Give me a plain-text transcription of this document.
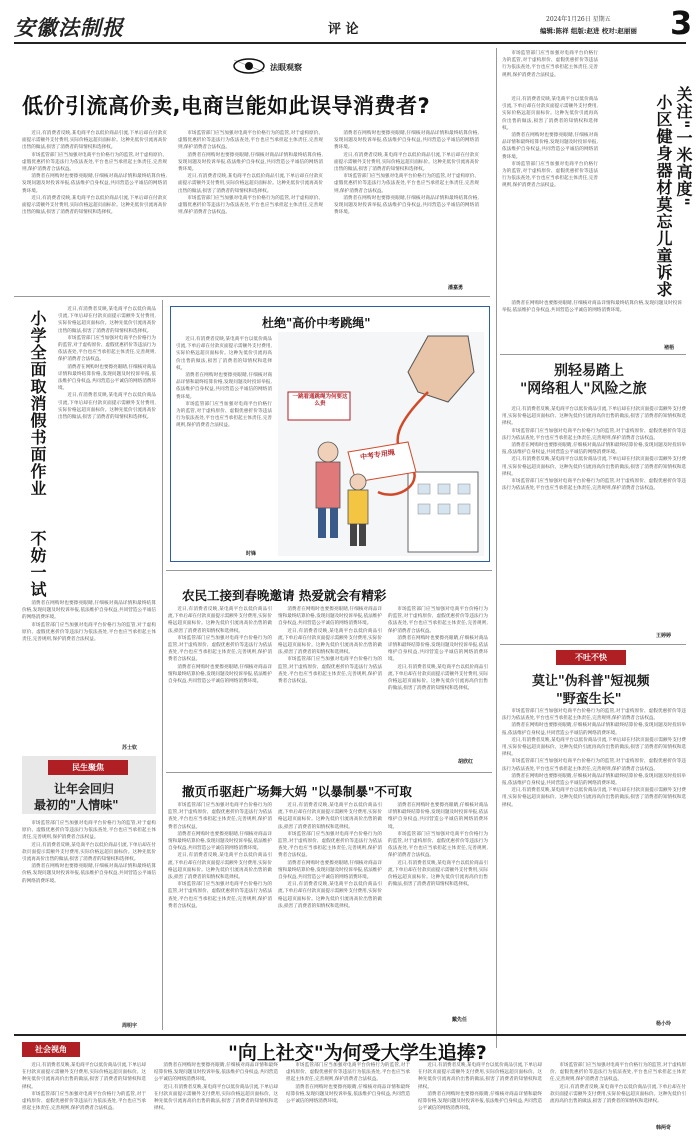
安徽法制报	评 论
2024年1月26日 星期五
编辑:陈祥 组版:赵进 校对:赵丽丽	3
法眼观察
低价引流高价卖,电商岂能如此误导消费者?

近日,有消费者反映,某电商平台以低价商品引流,下单后却在付款页面提示需额外支付费用,实际价格远超页面标价。这种先低价引流再高价出售的做法,损害了消费者的知情权和选择权。

市场监管部门应当加强对电商平台价格行为的监管,对于虚构原价、虚假优惠折价等违法行为依法查处,平台也应当承担起主体责任,完善规则,保护消费者合法权益。

消费者在网购时也要擦亮眼睛,仔细核对商品详情和最终结算价格,发现问题及时投诉举报,依法维护自身权益,共同营造公平诚信的网络消费环境。

近日,有消费者反映,某电商平台以低价商品引流,下单后却在付款页面提示需额外支付费用,实际价格远超页面标价。这种先低价引流再高价出售的做法,损害了消费者的知情权和选择权。

市场监管部门应当加强对电商平台价格行为的监管,对于虚构原价、虚假优惠折价等违法行为依法查处,平台也应当承担起主体责任,完善规则,保护消费者合法权益。

消费者在网购时也要擦亮眼睛,仔细核对商品详情和最终结算价格,发现问题及时投诉举报,依法维护自身权益,共同营造公平诚信的网络消费环境。

近日,有消费者反映,某电商平台以低价商品引流,下单后却在付款页面提示需额外支付费用,实际价格远超页面标价。这种先低价引流再高价出售的做法,损害了消费者的知情权和选择权。

市场监管部门应当加强对电商平台价格行为的监管,对于虚构原价、虚假优惠折价等违法行为依法查处,平台也应当承担起主体责任,完善规则,保护消费者合法权益。

消费者在网购时也要擦亮眼睛,仔细核对商品详情和最终结算价格,发现问题及时投诉举报,依法维护自身权益,共同营造公平诚信的网络消费环境。

近日,有消费者反映,某电商平台以低价商品引流,下单后却在付款页面提示需额外支付费用,实际价格远超页面标价。这种先低价引流再高价出售的做法,损害了消费者的知情权和选择权。

市场监管部门应当加强对电商平台价格行为的监管,对于虚构原价、虚假优惠折价等违法行为依法查处,平台也应当承担起主体责任,完善规则,保护消费者合法权益。

消费者在网购时也要擦亮眼睛,仔细核对商品详情和最终结算价格,发现问题及时投诉举报,依法维护自身权益,共同营造公平诚信的网络消费环境。

潘嘉勇

市场监管部门应当加强对电商平台价格行为的监管,对于虚构原价、虚假优惠折价等违法行为依法查处,平台也应当承担起主体责任,完善规则,保护消费者合法权益。

关注"一米高度"
小区健身器材莫忘儿童诉求

近日,有消费者反映,某电商平台以低价商品引流,下单后却在付款页面提示需额外支付费用,实际价格远超页面标价。这种先低价引流再高价出售的做法,损害了消费者的知情权和选择权。

消费者在网购时也要擦亮眼睛,仔细核对商品详情和最终结算价格,发现问题及时投诉举报,依法维护自身权益,共同营造公平诚信的网络消费环境。

市场监管部门应当加强对电商平台价格行为的监管,对于虚构原价、虚假优惠折价等违法行为依法查处,平台也应当承担起主体责任,完善规则,保护消费者合法权益。

消费者在网购时也要擦亮眼睛,仔细核对商品详情和最终结算价格,发现问题及时投诉举报,依法维护自身权益,共同营造公平诚信的网络消费环境。

褚梧
别轻易踏上
"网络租人"风险之旅

近日,有消费者反映,某电商平台以低价商品引流,下单后却在付款页面提示需额外支付费用,实际价格远超页面标价。这种先低价引流再高价出售的做法,损害了消费者的知情权和选择权。

市场监管部门应当加强对电商平台价格行为的监管,对于虚构原价、虚假优惠折价等违法行为依法查处,平台也应当承担起主体责任,完善规则,保护消费者合法权益。

消费者在网购时也要擦亮眼睛,仔细核对商品详情和最终结算价格,发现问题及时投诉举报,依法维护自身权益,共同营造公平诚信的网络消费环境。

近日,有消费者反映,某电商平台以低价商品引流,下单后却在付款页面提示需额外支付费用,实际价格远超页面标价。这种先低价引流再高价出售的做法,损害了消费者的知情权和选择权。

市场监管部门应当加强对电商平台价格行为的监管,对于虚构原价、虚假优惠折价等违法行为依法查处,平台也应当承担起主体责任,完善规则,保护消费者合法权益。

王婷婷
不吐不快
莫让"伪科普"短视频
"野蛮生长"

市场监管部门应当加强对电商平台价格行为的监管,对于虚构原价、虚假优惠折价等违法行为依法查处,平台也应当承担起主体责任,完善规则,保护消费者合法权益。

消费者在网购时也要擦亮眼睛,仔细核对商品详情和最终结算价格,发现问题及时投诉举报,依法维护自身权益,共同营造公平诚信的网络消费环境。

近日,有消费者反映,某电商平台以低价商品引流,下单后却在付款页面提示需额外支付费用,实际价格远超页面标价。这种先低价引流再高价出售的做法,损害了消费者的知情权和选择权。

市场监管部门应当加强对电商平台价格行为的监管,对于虚构原价、虚假优惠折价等违法行为依法查处,平台也应当承担起主体责任,完善规则,保护消费者合法权益。

消费者在网购时也要擦亮眼睛,仔细核对商品详情和最终结算价格,发现问题及时投诉举报,依法维护自身权益,共同营造公平诚信的网络消费环境。

近日,有消费者反映,某电商平台以低价商品引流,下单后却在付款页面提示需额外支付费用,实际价格远超页面标价。这种先低价引流再高价出售的做法,损害了消费者的知情权和选择权。

杨小玲
小学全面取消假书面作业
不妨一试

近日,有消费者反映,某电商平台以低价商品引流,下单后却在付款页面提示需额外支付费用,实际价格远超页面标价。这种先低价引流再高价出售的做法,损害了消费者的知情权和选择权。

市场监管部门应当加强对电商平台价格行为的监管,对于虚构原价、虚假优惠折价等违法行为依法查处,平台也应当承担起主体责任,完善规则,保护消费者合法权益。

消费者在网购时也要擦亮眼睛,仔细核对商品详情和最终结算价格,发现问题及时投诉举报,依法维护自身权益,共同营造公平诚信的网络消费环境。

近日,有消费者反映,某电商平台以低价商品引流,下单后却在付款页面提示需额外支付费用,实际价格远超页面标价。这种先低价引流再高价出售的做法,损害了消费者的知情权和选择权。

消费者在网购时也要擦亮眼睛,仔细核对商品详情和最终结算价格,发现问题及时投诉举报,依法维护自身权益,共同营造公平诚信的网络消费环境。

市场监管部门应当加强对电商平台价格行为的监管,对于虚构原价、虚假优惠折价等违法行为依法查处,平台也应当承担起主体责任,完善规则,保护消费者合法权益。

苏士钦
民生聚焦
让年会回归
最初的"人情味"

市场监管部门应当加强对电商平台价格行为的监管,对于虚构原价、虚假优惠折价等违法行为依法查处,平台也应当承担起主体责任,完善规则,保护消费者合法权益。

近日,有消费者反映,某电商平台以低价商品引流,下单后却在付款页面提示需额外支付费用,实际价格远超页面标价。这种先低价引流再高价出售的做法,损害了消费者的知情权和选择权。

消费者在网购时也要擦亮眼睛,仔细核对商品详情和最终结算价格,发现问题及时投诉举报,依法维护自身权益,共同营造公平诚信的网络消费环境。

周明宇
杜绝"高价中考跳绳"

近日,有消费者反映,某电商平台以低价商品引流,下单后却在付款页面提示需额外支付费用,实际价格远超页面标价。这种先低价引流再高价出售的做法,损害了消费者的知情权和选择权。

消费者在网购时也要擦亮眼睛,仔细核对商品详情和最终结算价格,发现问题及时投诉举报,依法维护自身权益,共同营造公平诚信的网络消费环境。

市场监管部门应当加强对电商平台价格行为的监管,对于虚构原价、虚假优惠折价等违法行为依法查处,平台也应当承担起主体责任,完善规则,保护消费者合法权益。

时锋
一跳看通跳绳为何要这么贵
中考专用绳
农民工接到春晚邀请 热爱就会有精彩

近日,有消费者反映,某电商平台以低价商品引流,下单后却在付款页面提示需额外支付费用,实际价格远超页面标价。这种先低价引流再高价出售的做法,损害了消费者的知情权和选择权。

市场监管部门应当加强对电商平台价格行为的监管,对于虚构原价、虚假优惠折价等违法行为依法查处,平台也应当承担起主体责任,完善规则,保护消费者合法权益。

消费者在网购时也要擦亮眼睛,仔细核对商品详情和最终结算价格,发现问题及时投诉举报,依法维护自身权益,共同营造公平诚信的网络消费环境。

消费者在网购时也要擦亮眼睛,仔细核对商品详情和最终结算价格,发现问题及时投诉举报,依法维护自身权益,共同营造公平诚信的网络消费环境。

近日,有消费者反映,某电商平台以低价商品引流,下单后却在付款页面提示需额外支付费用,实际价格远超页面标价。这种先低价引流再高价出售的做法,损害了消费者的知情权和选择权。

市场监管部门应当加强对电商平台价格行为的监管,对于虚构原价、虚假优惠折价等违法行为依法查处,平台也应当承担起主体责任,完善规则,保护消费者合法权益。

市场监管部门应当加强对电商平台价格行为的监管,对于虚构原价、虚假优惠折价等违法行为依法查处,平台也应当承担起主体责任,完善规则,保护消费者合法权益。

消费者在网购时也要擦亮眼睛,仔细核对商品详情和最终结算价格,发现问题及时投诉举报,依法维护自身权益,共同营造公平诚信的网络消费环境。

近日,有消费者反映,某电商平台以低价商品引流,下单后却在付款页面提示需额外支付费用,实际价格远超页面标价。这种先低价引流再高价出售的做法,损害了消费者的知情权和选择权。

胡欣红
撤页币驱赶广场舞大妈 "以暴制暴"不可取

市场监管部门应当加强对电商平台价格行为的监管,对于虚构原价、虚假优惠折价等违法行为依法查处,平台也应当承担起主体责任,完善规则,保护消费者合法权益。

消费者在网购时也要擦亮眼睛,仔细核对商品详情和最终结算价格,发现问题及时投诉举报,依法维护自身权益,共同营造公平诚信的网络消费环境。

近日,有消费者反映,某电商平台以低价商品引流,下单后却在付款页面提示需额外支付费用,实际价格远超页面标价。这种先低价引流再高价出售的做法,损害了消费者的知情权和选择权。

市场监管部门应当加强对电商平台价格行为的监管,对于虚构原价、虚假优惠折价等违法行为依法查处,平台也应当承担起主体责任,完善规则,保护消费者合法权益。

近日,有消费者反映,某电商平台以低价商品引流,下单后却在付款页面提示需额外支付费用,实际价格远超页面标价。这种先低价引流再高价出售的做法,损害了消费者的知情权和选择权。

市场监管部门应当加强对电商平台价格行为的监管,对于虚构原价、虚假优惠折价等违法行为依法查处,平台也应当承担起主体责任,完善规则,保护消费者合法权益。

消费者在网购时也要擦亮眼睛,仔细核对商品详情和最终结算价格,发现问题及时投诉举报,依法维护自身权益,共同营造公平诚信的网络消费环境。

近日,有消费者反映,某电商平台以低价商品引流,下单后却在付款页面提示需额外支付费用,实际价格远超页面标价。这种先低价引流再高价出售的做法,损害了消费者的知情权和选择权。

消费者在网购时也要擦亮眼睛,仔细核对商品详情和最终结算价格,发现问题及时投诉举报,依法维护自身权益,共同营造公平诚信的网络消费环境。

市场监管部门应当加强对电商平台价格行为的监管,对于虚构原价、虚假优惠折价等违法行为依法查处,平台也应当承担起主体责任,完善规则,保护消费者合法权益。

近日,有消费者反映,某电商平台以低价商品引流,下单后却在付款页面提示需额外支付费用,实际价格远超页面标价。这种先低价引流再高价出售的做法,损害了消费者的知情权和选择权。

戴先任
社会视角	"向上社交"为何受大学生追捧?

近日,有消费者反映,某电商平台以低价商品引流,下单后却在付款页面提示需额外支付费用,实际价格远超页面标价。这种先低价引流再高价出售的做法,损害了消费者的知情权和选择权。

市场监管部门应当加强对电商平台价格行为的监管,对于虚构原价、虚假优惠折价等违法行为依法查处,平台也应当承担起主体责任,完善规则,保护消费者合法权益。

消费者在网购时也要擦亮眼睛,仔细核对商品详情和最终结算价格,发现问题及时投诉举报,依法维护自身权益,共同营造公平诚信的网络消费环境。

近日,有消费者反映,某电商平台以低价商品引流,下单后却在付款页面提示需额外支付费用,实际价格远超页面标价。这种先低价引流再高价出售的做法,损害了消费者的知情权和选择权。

市场监管部门应当加强对电商平台价格行为的监管,对于虚构原价、虚假优惠折价等违法行为依法查处,平台也应当承担起主体责任,完善规则,保护消费者合法权益。

消费者在网购时也要擦亮眼睛,仔细核对商品详情和最终结算价格,发现问题及时投诉举报,依法维护自身权益,共同营造公平诚信的网络消费环境。

近日,有消费者反映,某电商平台以低价商品引流,下单后却在付款页面提示需额外支付费用,实际价格远超页面标价。这种先低价引流再高价出售的做法,损害了消费者的知情权和选择权。

消费者在网购时也要擦亮眼睛,仔细核对商品详情和最终结算价格,发现问题及时投诉举报,依法维护自身权益,共同营造公平诚信的网络消费环境。

市场监管部门应当加强对电商平台价格行为的监管,对于虚构原价、虚假优惠折价等违法行为依法查处,平台也应当承担起主体责任,完善规则,保护消费者合法权益。

近日,有消费者反映,某电商平台以低价商品引流,下单后却在付款页面提示需额外支付费用,实际价格远超页面标价。这种先低价引流再高价出售的做法,损害了消费者的知情权和选择权。

韩两奇
